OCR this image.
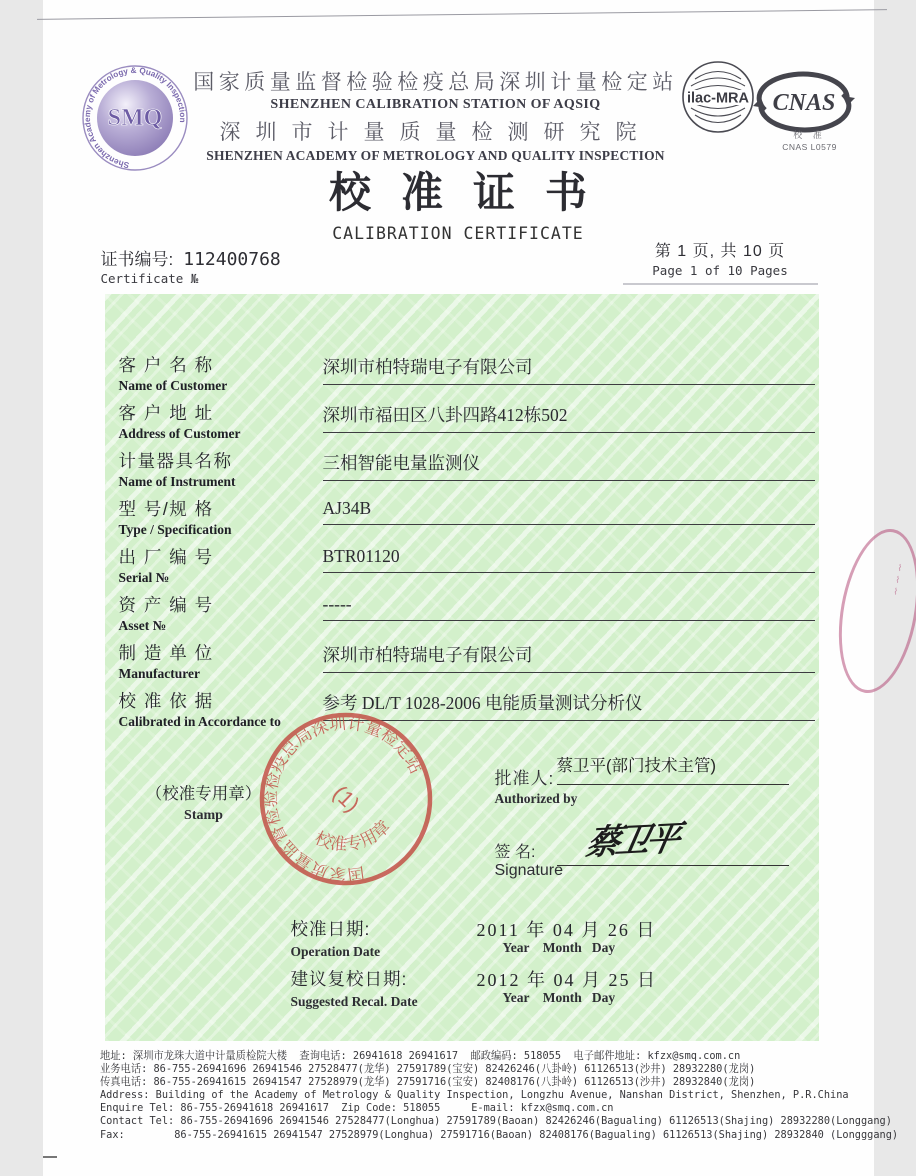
Shenzhen Academy of Metrology & Quality Inspection
SMQ
国家质量监督检验检疫总局深圳计量检定站
SHENZHEN CALIBRATION STATION OF AQSIQ
深圳市计量质量检测研究院
SHENZHEN ACADEMY OF METROLOGY AND QUALITY INSPECTION
ilac-MRA CNAS
校 准
CNAS L0579
校准证书
CALIBRATION CERTIFICATE
证书编号: 112400768
Certificate №
第 1 页, 共 10 页
Page 1 of 10 Pages
客 户 名 称
Name of Customer
深圳市柏特瑞电子有限公司
客 户 地 址
Address of Customer
深圳市福田区八卦四路412栋502
计量器具名称
Name of Instrument
三相智能电量监测仪
型 号/规 格
Type / Specification
AJ34B
出 厂 编 号
Serial №
BTR01120
资 产 编 号
Asset №
-----
制 造 单 位
Manufacturer
深圳市柏特瑞电子有限公司
校 准 依 据
Calibrated in Accordance to
参考 DL/T 1028-2006 电能质量测试分析仪
（校准专用章）
Stamp
国家质量监督检验检疫总局深圳计量检定站
(1)
校准专用章
批准人:
Authorized by
蔡卫平(部门技术主管)
签 名:
Signature
蔡卫平
校准日期:
Operation Date
2011 年 04 月 26 日
Year    Month   Day
建议复校日期:
Suggested Recal. Date
2012 年 04 月 25 日
Year    Month   Day
⌇⌇⌇
地址: 深圳市龙珠大道中计量质检院大楼  查询电话: 26941618 26941617  邮政编码: 518055  电子邮件地址: kfzx@smq.com.cn
业务电话: 86-755-26941696 26941546 27528477(龙华) 27591789(宝安) 82426246(八卦岭) 61126513(沙井) 28932280(龙岗)
传真电话: 86-755-26941615 26941547 27528979(龙华) 27591716(宝安) 82408176(八卦岭) 61126513(沙井) 28932840(龙岗)
Address: Building of the Academy of Metrology & Quality Inspection, Longzhu Avenue, Nanshan District, Shenzhen, P.R.China
Enquire Tel: 86-755-26941618 26941617  Zip Code: 518055     E-mail: kfzx@smq.com.cn
Contact Tel: 86-755-26941696 26941546 27528477(Longhua) 27591789(Baoan) 82426246(Bagualing) 61126513(Shajing) 28932280(Longgang)
Fax:        86-755-26941615 26941547 27528979(Longhua) 27591716(Baoan) 82408176(Bagualing) 61126513(Shajing) 28932840 (Longggang)
